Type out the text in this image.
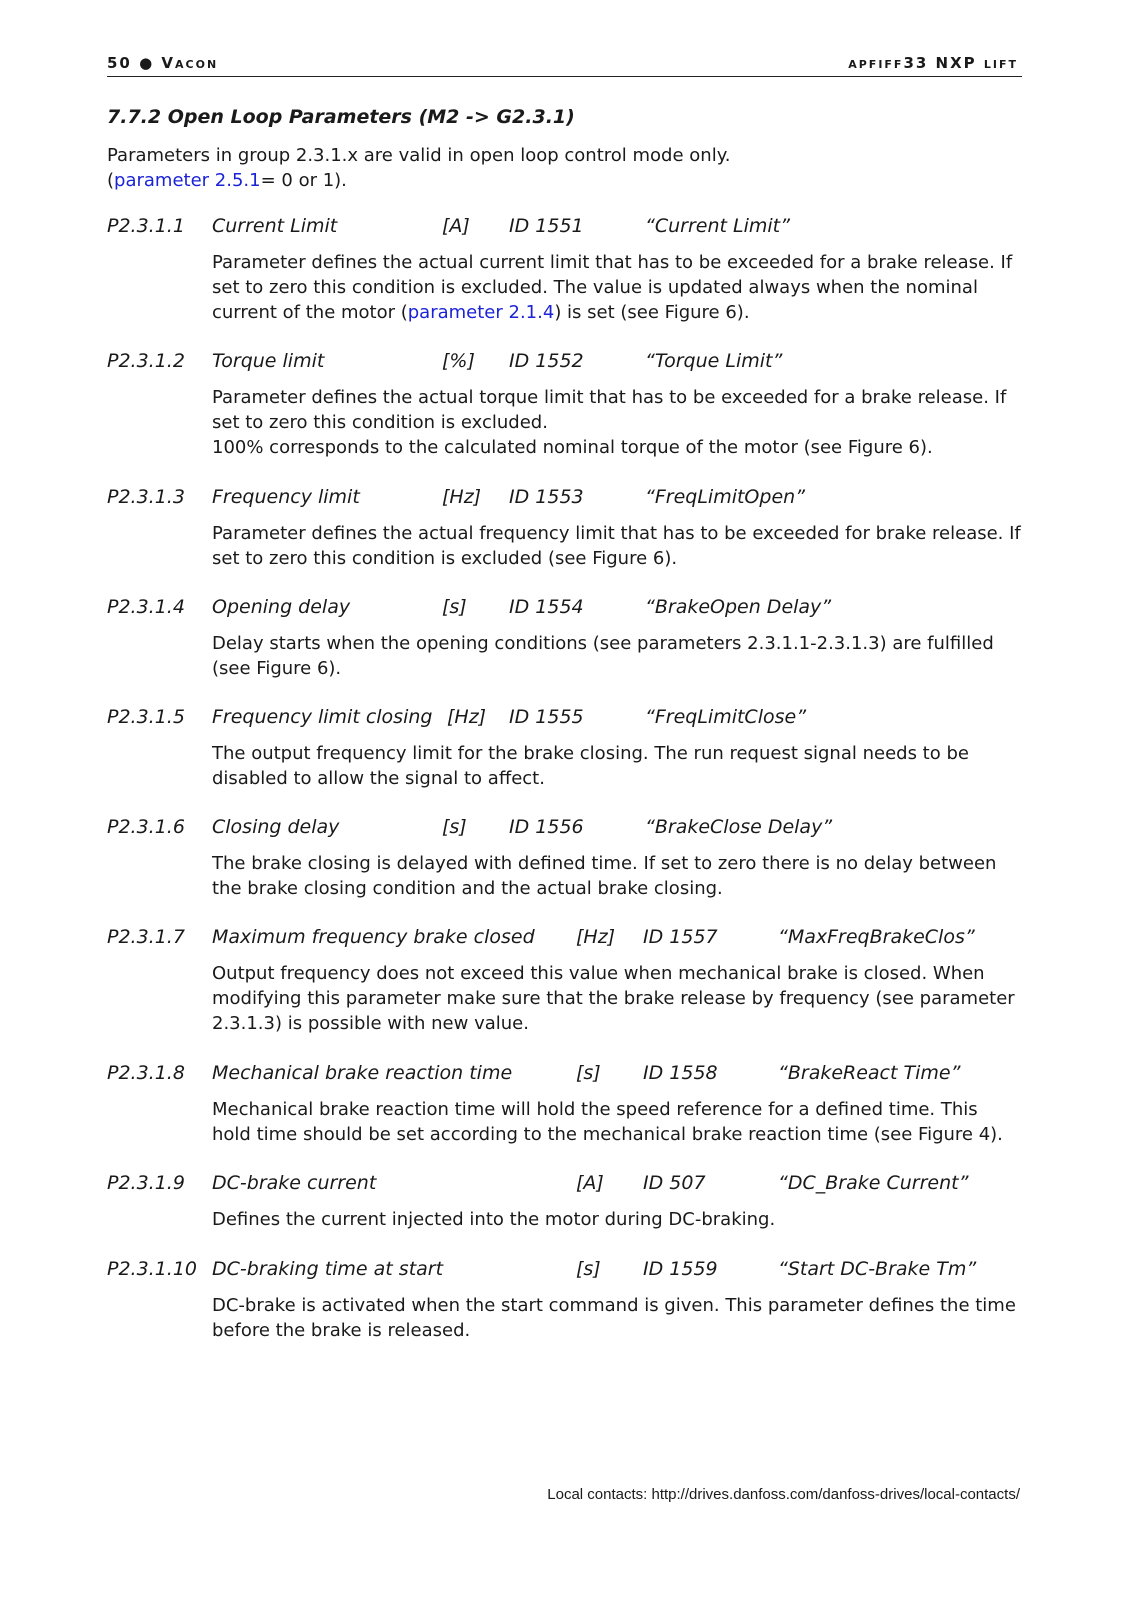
50 ● Vacon	apfiff33 NXP lift
7.7.2 Open Loop Parameters (M2 -> G2.3.1)
Parameters in group 2.3.1.x are valid in open loop control mode only.
(parameter 2.5.1= 0 or 1).
P2.3.1.1 Current Limit	[A] ID 1551	“Current Limit”
Parameter defines the actual current limit that has to be exceeded for a brake release. If set to zero this condition is excluded. The value is updated always when the nominal current of the motor (parameter 2.1.4) is set (see Figure 6).
P2.3.1.2 Torque limit	[%] ID 1552	“Torque Limit”

Parameter defines the actual torque limit that has to be exceeded for a brake release. If set to zero this condition is excluded.

100% corresponds to the calculated nominal torque of the motor (see Figure 6).

P2.3.1.3 Frequency limit	[Hz] ID 1553	“FreqLimitOpen”
Parameter defines the actual frequency limit that has to be exceeded for brake release. If set to zero this condition is excluded (see Figure 6).
P2.3.1.4 Opening delay	[s] ID 1554	“BrakeOpen Delay”
Delay starts when the opening conditions (see parameters 2.3.1.1-2.3.1.3) are fulfilled (see Figure 6).
P2.3.1.5 Frequency limit closing [Hz] ID 1555	“FreqLimitClose”
The output frequency limit for the brake closing. The run request signal needs to be disabled to allow the signal to affect.
P2.3.1.6 Closing delay	[s] ID 1556	“BrakeClose Delay”
The brake closing is delayed with defined time. If set to zero there is no delay between the brake closing condition and the actual brake closing.
P2.3.1.7 Maximum frequency brake closed [Hz] ID 1557	“MaxFreqBrakeClos”
Output frequency does not exceed this value when mechanical brake is closed. When modifying this parameter make sure that the brake release by frequency (see parameter 2.3.1.3) is possible with new value.
P2.3.1.8 Mechanical brake reaction time	[s] ID 1558	“BrakeReact Time”
Mechanical brake reaction time will hold the speed reference for a defined time. This hold time should be set according to the mechanical brake reaction time (see Figure 4).
P2.3.1.9 DC-brake current	[A] ID 507	“DC_Brake Current”
Defines the current injected into the motor during DC-braking.
P2.3.1.10 DC-braking time at start	[s] ID 1559	“Start DC-Brake Tm”
DC-brake is activated when the start command is given. This parameter defines the time before the brake is released.
Local contacts: http://drives.danfoss.com/danfoss-drives/local-contacts/
